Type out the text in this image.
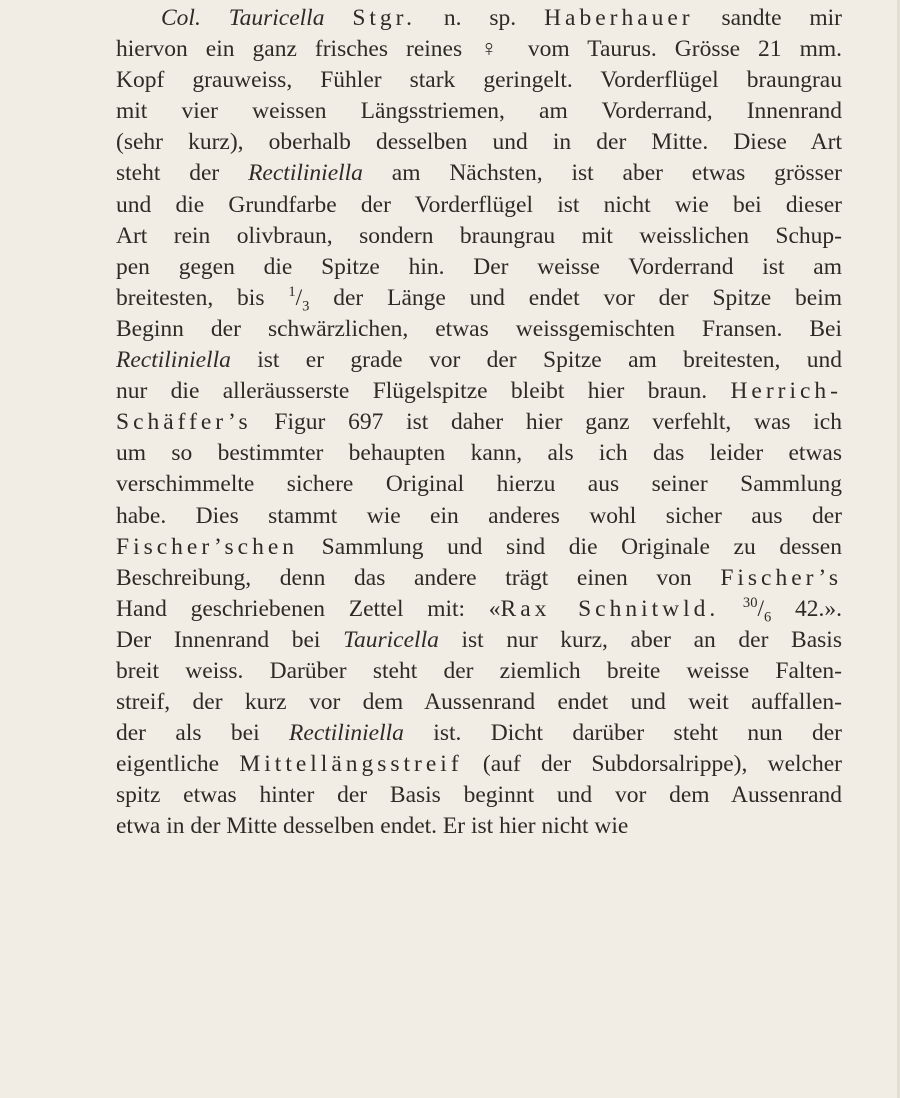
Col. Tauricella Stgr. n. sp. Haberhauer sandte mir
hiervon ein ganz frisches reines ♀ vom Taurus. Grösse 21 mm.
Kopf grauweiss, Fühler stark geringelt. Vorderflügel braungrau
mit vier weissen Längsstriemen, am Vorderrand, Innenrand
(sehr kurz), oberhalb desselben und in der Mitte. Diese Art
steht der Rectiliniella am Nächsten, ist aber etwas grösser
und die Grundfarbe der Vorderflügel ist nicht wie bei dieser
Art rein olivbraun, sondern braungrau mit weisslichen Schup-
pen gegen die Spitze hin. Der weisse Vorderrand ist am
breitesten, bis $^1/_3$ der Länge und endet vor der Spitze beim
Beginn der schwärzlichen, etwas weissgemischten Fransen. Bei
Rectiliniella ist er grade vor der Spitze am breitesten, und
nur die alleräusserste Flügelspitze bleibt hier braun. Herrich-
Schäffer’s Figur 697 ist daher hier ganz verfehlt, was ich
um so bestimmter behaupten kann, als ich das leider etwas
verschimmelte sichere Original hierzu aus seiner Sammlung
habe. Dies stammt wie ein anderes wohl sicher aus der
Fischer’schen Sammlung und sind die Originale zu dessen
Beschreibung, denn das andere trägt einen von Fischer’s
Hand geschriebenen Zettel mit: «Rax Schnitwld. $^{30}/_6$ 42.».
Der Innenrand bei Tauricella ist nur kurz, aber an der Basis
breit weiss. Darüber steht der ziemlich breite weisse Falten-
streif, der kurz vor dem Aussenrand endet und weit auffallen-
der als bei Rectiliniella ist. Dicht darüber steht nun der
eigentliche Mittellängsstreif (auf der Subdorsalrippe), welcher
spitz etwas hinter der Basis beginnt und vor dem Aussenrand
etwa in der Mitte desselben endet. Er ist hier nicht wie
